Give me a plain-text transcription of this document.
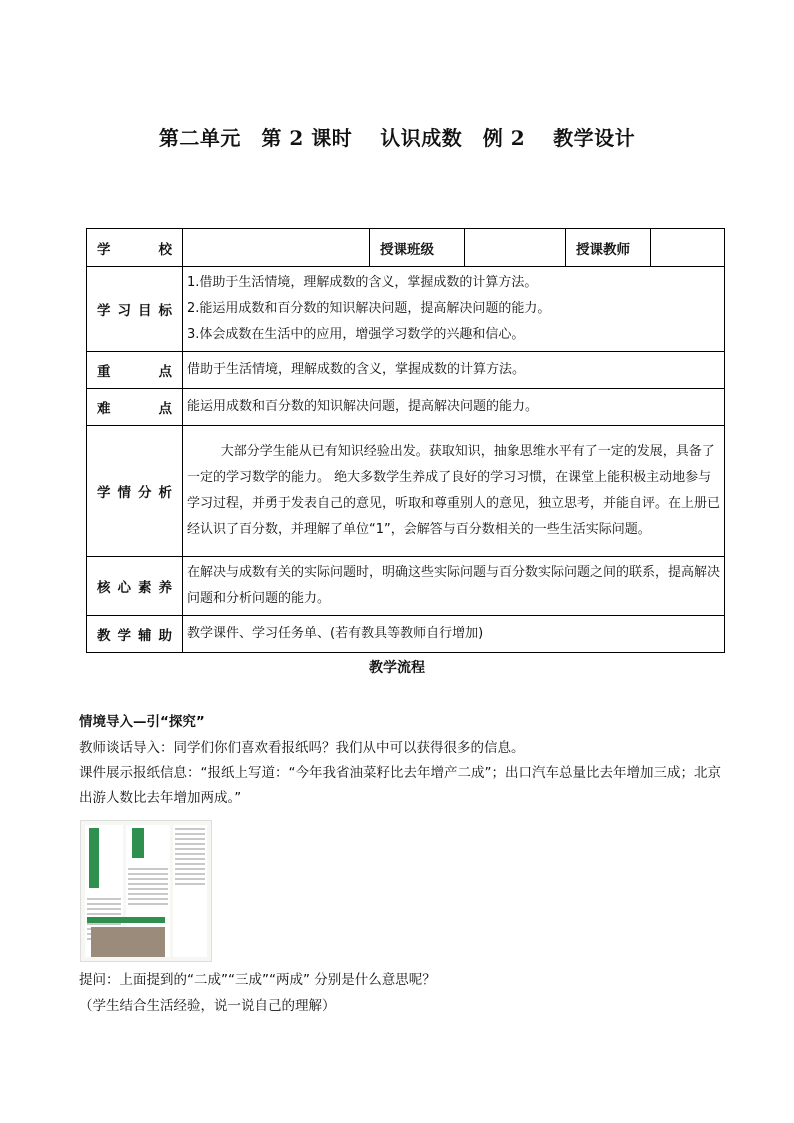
第二单元　第 2 课时　 认识成数　例 2　 教学设计
学　　校		授课班级		授课教师	
学习目标	1.借助于生活情境，理解成数的含义，掌握成数的计算方法。
2.能运用成数和百分数的知识解决问题，提高解决问题的能力。
3.体会成数在生活中的应用，增强学习数学的兴趣和信心。				

重　　点	借助于生活情境，理解成数的含义，掌握成数的计算方法。				
难　　点	能运用成数和百分数的知识解决问题，提高解决问题的能力。				
学情分析	大部分学生能从已有知识经验出发。获取知识，抽象思维水平有了一定的发展，具备了一定的学习数学的能力。 绝大多数学生养成了良好的学习习惯，在课堂上能积极主动地参与学习过程，并勇于发表自己的意见，听取和尊重别人的意见，独立思考，并能自评。在上册已经认识了百分数，并理解了单位“1”，会解答与百分数相关的一些生活实际问题。				
核心素养	在解决与成数有关的实际问题时，明确这些实际问题与百分数实际问题之间的联系，提高解决问题和分析问题的能力。				
教学辅助	教学课件、学习任务单、(若有教具等教师自行增加)				
教学流程
情境导入—引“探究”
教师谈话导入：同学们你们喜欢看报纸吗？我们从中可以获得很多的信息。
课件展示报纸信息：“报纸上写道：“今年我省油菜籽比去年增产二成”；出口汽车总量比去年增加三成；北京出游人数比去年增加两成。”
提问：上面提到的“二成”“三成”“两成” 分别是什么意思呢？
（学生结合生活经验，说一说自己的理解）
